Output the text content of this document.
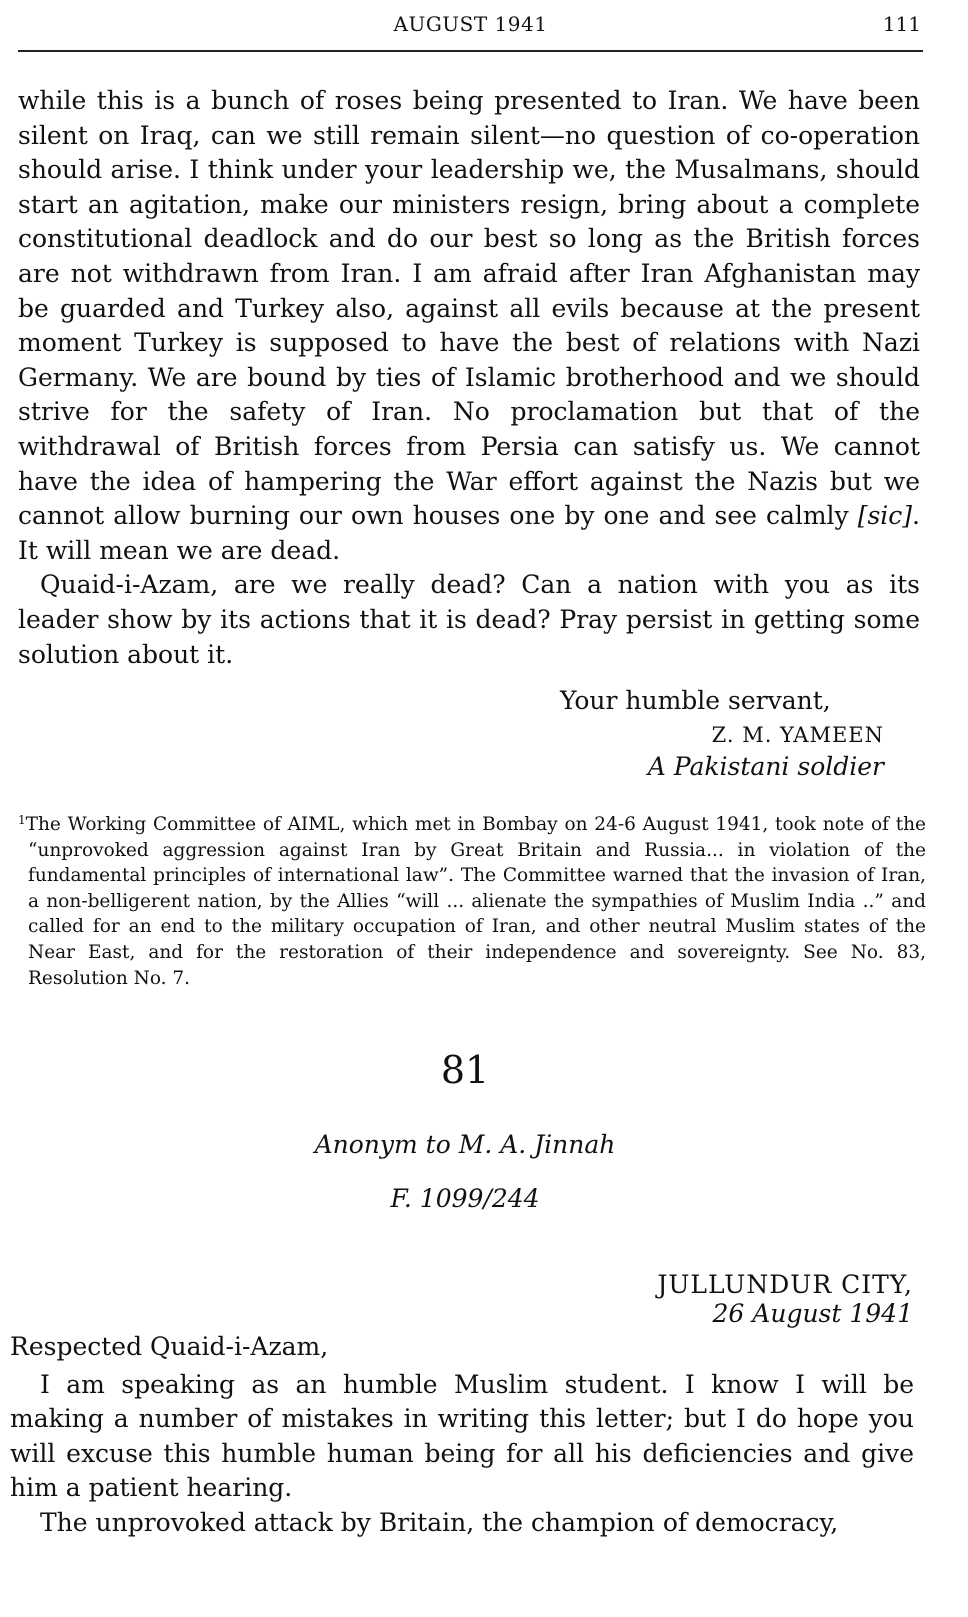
AUGUST 1941	111

while this is a bunch of roses being presented to Iran. We have been silent on Iraq, can we still remain silent—no question of co-operation should arise. I think under your leadership we, the Musalmans, should start an agitation, make our ministers resign, bring about a complete constitutional deadlock and do our best so long as the British forces are not withdrawn from Iran. I am afraid after Iran Afghanistan may be guarded and Turkey also, against all evils because at the present moment Turkey is supposed to have the best of relations with Nazi Germany. We are bound by ties of Islamic brotherhood and we should strive for the safety of Iran. No proclamation but that of the withdrawal of British forces from Persia can satisfy us. We cannot have the idea of hampering the War effort against the Nazis but we cannot allow burning our own houses one by one and see calmly [sic]. It will mean we are dead.

Quaid-i-Azam, are we really dead? Can a nation with you as its leader show by its actions that it is dead? Pray persist in getting some solution about it.

Your humble servant,
Z. M. YAMEEN
A Pakistani soldier
$^1$The Working Committee of AIML, which met in Bombay on 24-6 August 1941, took note of the “unprovoked aggression against Iran by Great Britain and Russia... in violation of the fundamental principles of international law”. The Committee warned that the invasion of Iran, a non-belligerent nation, by the Allies “will ... alienate the sympathies of Muslim India ..” and called for an end to the military occupation of Iran, and other neutral Muslim states of the Near East, and for the restoration of their independence and sovereignty. See No. 83, Resolution No. 7.
81
Anonym to M. A. Jinnah
F. 1099/244
JULLUNDUR CITY,
26 August 1941
Respected Quaid-i-Azam,

I am speaking as an humble Muslim student. I know I will be making a number of mistakes in writing this letter; but I do hope you will excuse this humble human being for all his deficiencies and give him a patient hearing.

The unprovoked attack by Britain, the champion of democracy,
